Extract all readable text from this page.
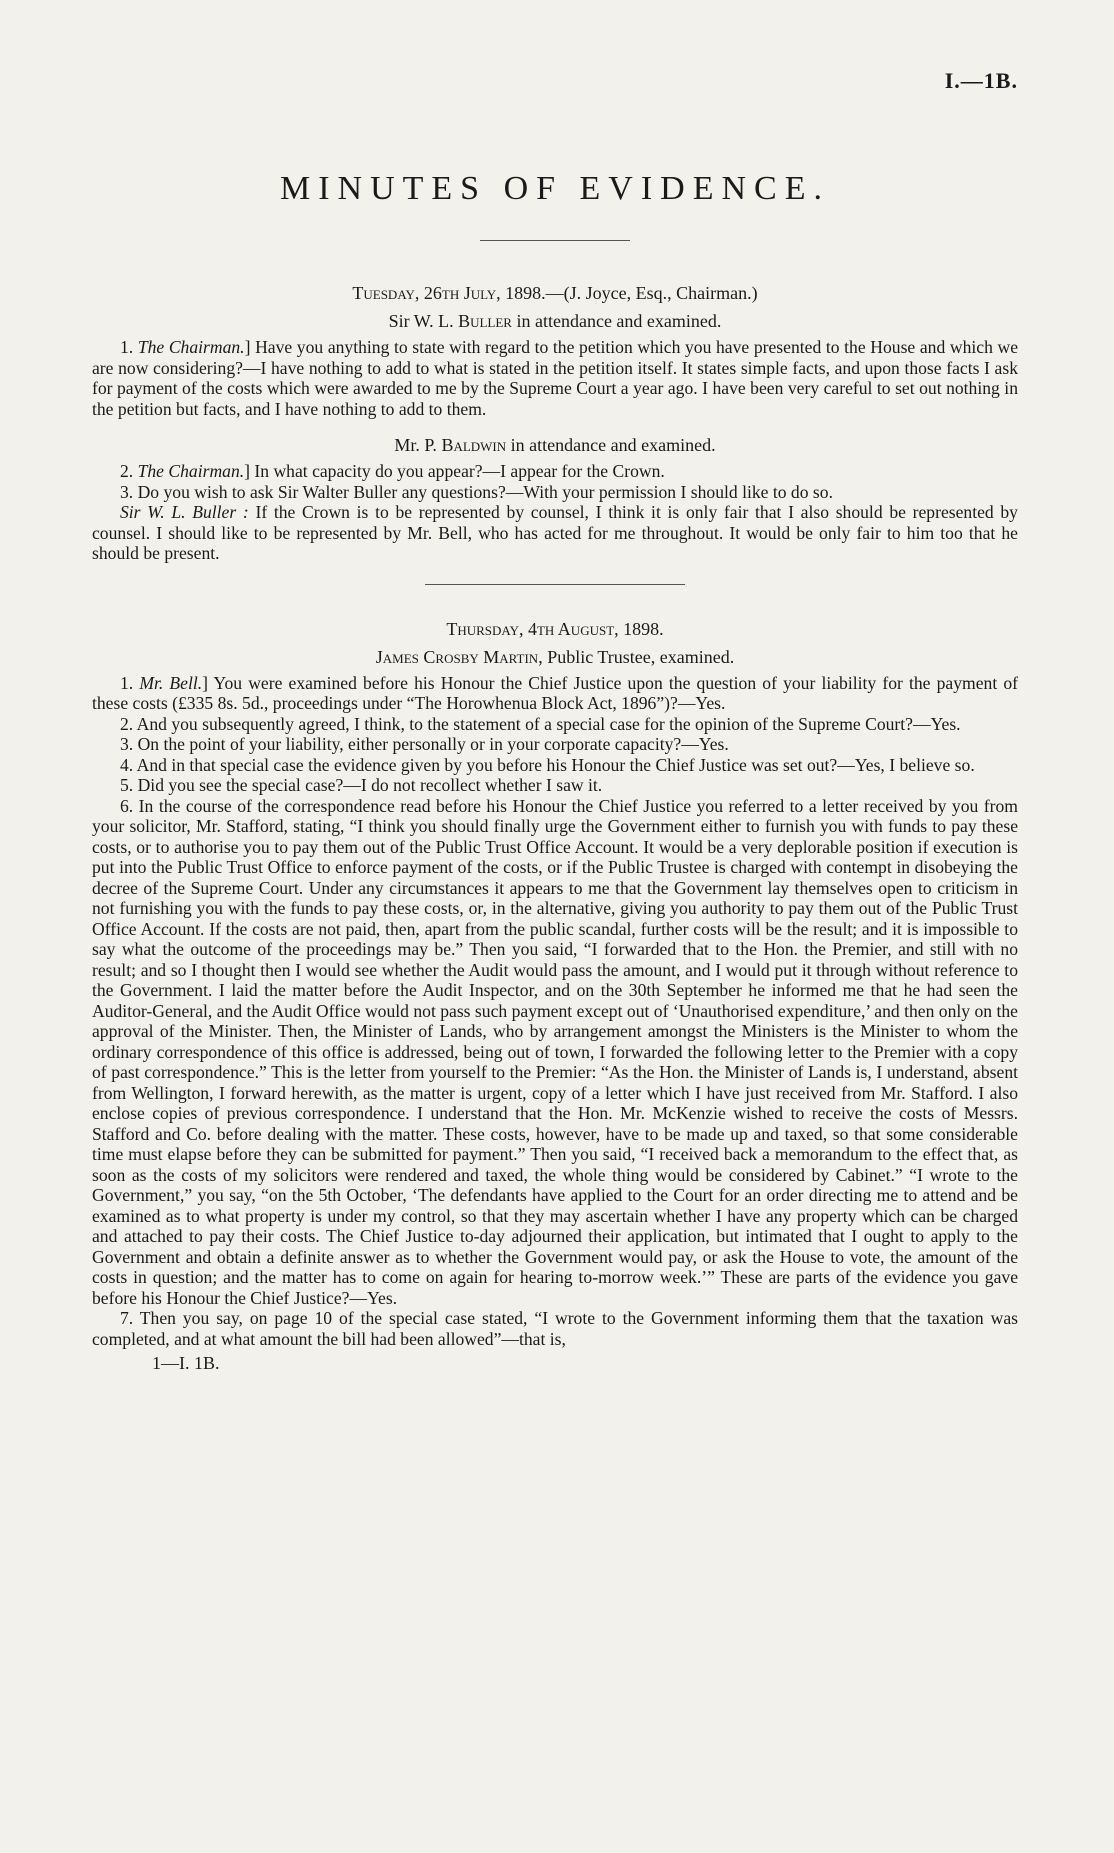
I.—1B.
MINUTES OF EVIDENCE.
Tuesday, 26th July, 1898.—(J. Joyce, Esq., Chairman.)
Sir W. L. Buller in attendance and examined.

1. The Chairman.] Have you anything to state with regard to the petition which you have presented to the House and which we are now considering?—I have nothing to add to what is stated in the petition itself. It states simple facts, and upon those facts I ask for payment of the costs which were awarded to me by the Supreme Court a year ago. I have been very careful to set out nothing in the petition but facts, and I have nothing to add to them.

Mr. P. Baldwin in attendance and examined.

2. The Chairman.] In what capacity do you appear?—I appear for the Crown.

3. Do you wish to ask Sir Walter Buller any questions?—With your permission I should like to do so.

Sir W. L. Buller : If the Crown is to be represented by counsel, I think it is only fair that I also should be represented by counsel. I should like to be represented by Mr. Bell, who has acted for me throughout. It would be only fair to him too that he should be present.

Thursday, 4th August, 1898.
James Crosby Martin, Public Trustee, examined.

1. Mr. Bell.] You were examined before his Honour the Chief Justice upon the question of your liability for the payment of these costs (£335 8s. 5d., proceedings under “The Horowhenua Block Act, 1896”)?—Yes.

2. And you subsequently agreed, I think, to the statement of a special case for the opinion of the Supreme Court?—Yes.

3. On the point of your liability, either personally or in your corporate capacity?—Yes.

4. And in that special case the evidence given by you before his Honour the Chief Justice was set out?—Yes, I believe so.

5. Did you see the special case?—I do not recollect whether I saw it.

6. In the course of the correspondence read before his Honour the Chief Justice you referred to a letter received by you from your solicitor, Mr. Stafford, stating, “I think you should finally urge the Government either to furnish you with funds to pay these costs, or to authorise you to pay them out of the Public Trust Office Account. It would be a very deplorable position if execution is put into the Public Trust Office to enforce payment of the costs, or if the Public Trustee is charged with contempt in disobeying the decree of the Supreme Court. Under any circumstances it appears to me that the Government lay themselves open to criticism in not furnishing you with the funds to pay these costs, or, in the alternative, giving you authority to pay them out of the Public Trust Office Account. If the costs are not paid, then, apart from the public scandal, further costs will be the result; and it is impossible to say what the outcome of the proceedings may be.” Then you said, “I forwarded that to the Hon. the Premier, and still with no result; and so I thought then I would see whether the Audit would pass the amount, and I would put it through without reference to the Government. I laid the matter before the Audit Inspector, and on the 30th September he informed me that he had seen the Auditor-General, and the Audit Office would not pass such payment except out of ‘Unauthorised expenditure,’ and then only on the approval of the Minister. Then, the Minister of Lands, who by arrangement amongst the Ministers is the Minister to whom the ordinary correspondence of this office is addressed, being out of town, I forwarded the following letter to the Premier with a copy of past correspondence.” This is the letter from yourself to the Premier: “As the Hon. the Minister of Lands is, I understand, absent from Wellington, I forward herewith, as the matter is urgent, copy of a letter which I have just received from Mr. Stafford. I also enclose copies of previous correspondence. I understand that the Hon. Mr. McKenzie wished to receive the costs of Messrs. Stafford and Co. before dealing with the matter. These costs, however, have to be made up and taxed, so that some considerable time must elapse before they can be submitted for payment.” Then you said, “I received back a memorandum to the effect that, as soon as the costs of my solicitors were rendered and taxed, the whole thing would be considered by Cabinet.” “I wrote to the Government,” you say, “on the 5th October, ‘The defendants have applied to the Court for an order directing me to attend and be examined as to what property is under my control, so that they may ascertain whether I have any property which can be charged and attached to pay their costs. The Chief Justice to-day adjourned their application, but intimated that I ought to apply to the Government and obtain a definite answer as to whether the Government would pay, or ask the House to vote, the amount of the costs in question; and the matter has to come on again for hearing to-morrow week.’” These are parts of the evidence you gave before his Honour the Chief Justice?—Yes.

7. Then you say, on page 10 of the special case stated, “I wrote to the Government informing them that the taxation was completed, and at what amount the bill had been allowed”—that is,

1—I. 1B.
